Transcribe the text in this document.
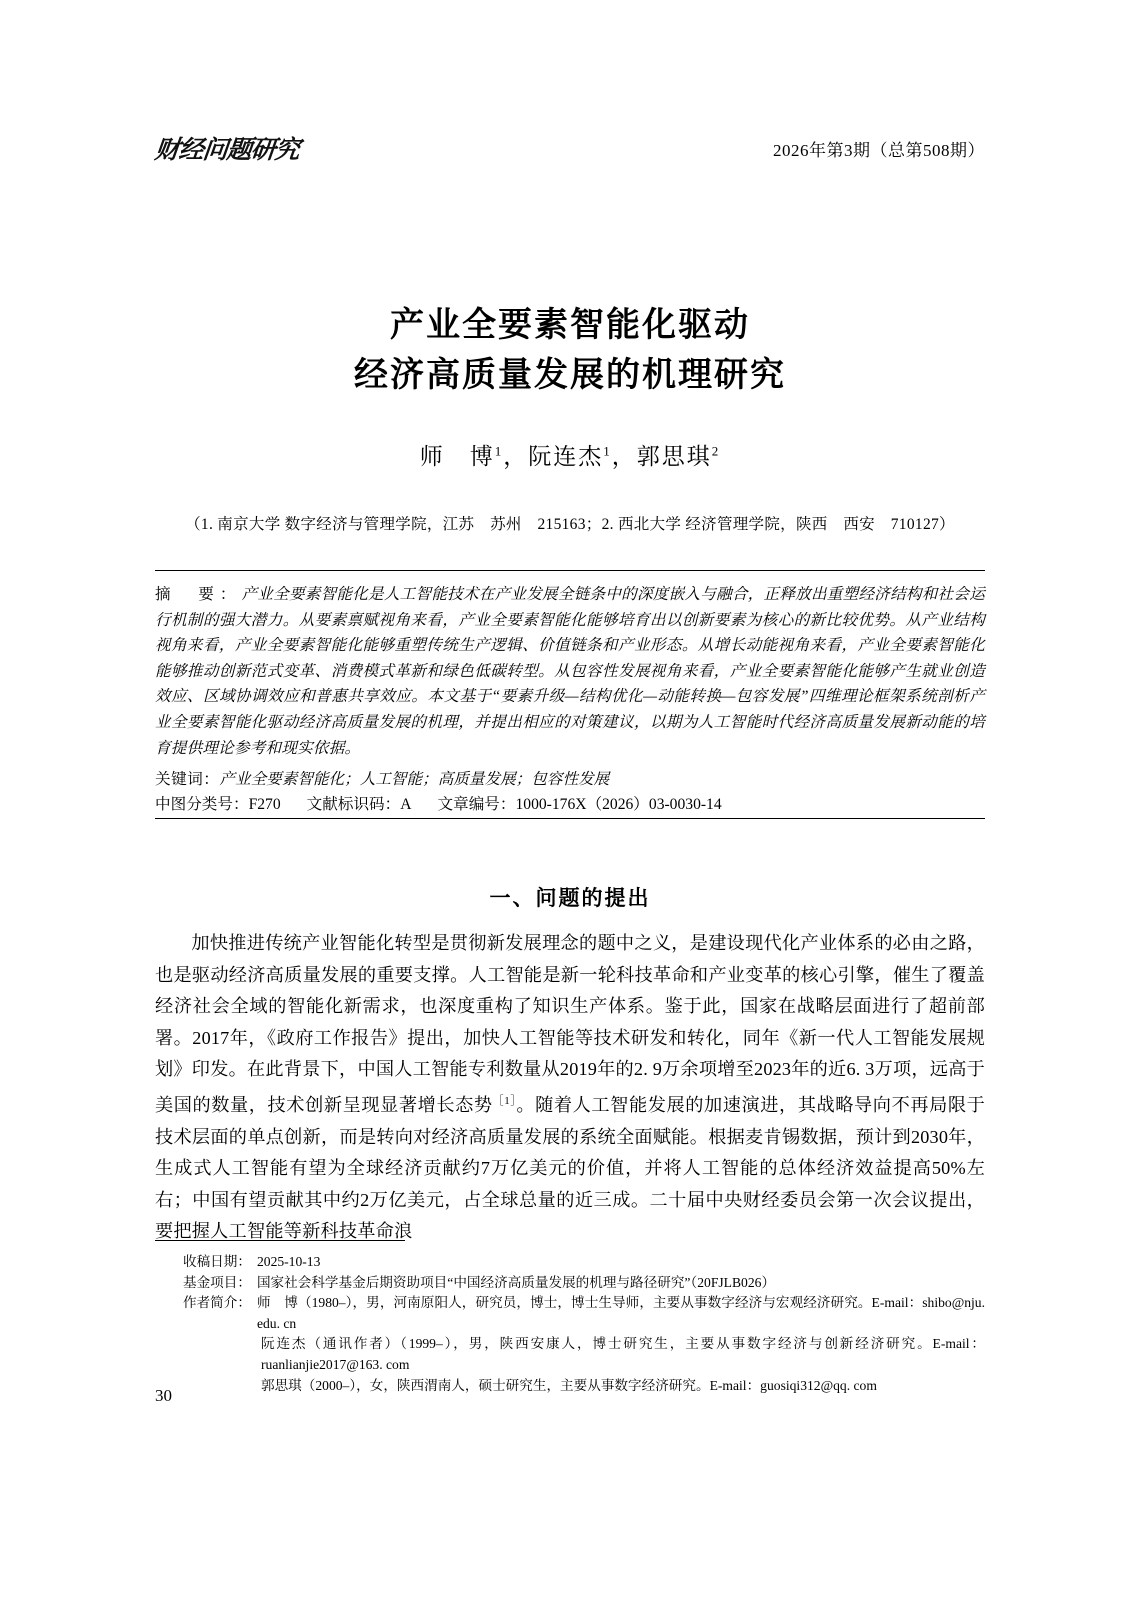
财经问题研究	2026年第3期（总第508期）
产业全要素智能化驱动
经济高质量发展的机理研究
师　博$^1$，阮连杰$^1$，郭思琪$^2$
（1. 南京大学 数字经济与管理学院，江苏　苏州　215163；2. 西北大学 经济管理学院，陕西　西安　710127）
摘　要：产业全要素智能化是人工智能技术在产业发展全链条中的深度嵌入与融合，正释放出重塑经济结构和社会运行机制的强大潜力。从要素禀赋视角来看，产业全要素智能化能够培育出以创新要素为核心的新比较优势。从产业结构视角来看，产业全要素智能化能够重塑传统生产逻辑、价值链条和产业形态。从增长动能视角来看，产业全要素智能化能够推动创新范式变革、消费模式革新和绿色低碳转型。从包容性发展视角来看，产业全要素智能化能够产生就业创造效应、区域协调效应和普惠共享效应。本文基于“要素升级—结构优化—动能转换—包容发展”四维理论框架系统剖析产业全要素智能化驱动经济高质量发展的机理，并提出相应的对策建议，以期为人工智能时代经济高质量发展新动能的培育提供理论参考和现实依据。
关键词：产业全要素智能化；人工智能；高质量发展；包容性发展
中图分类号：F270 文献标识码：A 文章编号：1000-176X（2026）03-0030-14
一、问题的提出
加快推进传统产业智能化转型是贯彻新发展理念的题中之义，是建设现代化产业体系的必由之路，也是驱动经济高质量发展的重要支撑。人工智能是新一轮科技革命和产业变革的核心引擎，催生了覆盖经济社会全域的智能化新需求，也深度重构了知识生产体系。鉴于此，国家在战略层面进行了超前部署。2017年，《政府工作报告》提出，加快人工智能等技术研发和转化，同年《新一代人工智能发展规划》印发。在此背景下，中国人工智能专利数量从2019年的2. 9万余项增至2023年的近6. 3万项，远高于美国的数量，技术创新呈现显著增长态势$^{[1]}$。随着人工智能发展的加速演进，其战略导向不再局限于技术层面的单点创新，而是转向对经济高质量发展的系统全面赋能。根据麦肯锡数据，预计到2030年，生成式人工智能有望为全球经济贡献约7万亿美元的价值，并将人工智能的总体经济效益提高50%左右；中国有望贡献其中约2万亿美元，占全球总量的近三成。二十届中央财经委员会第一次会议提出，要把握人工智能等新科技革命浪
收稿日期： 2025-10-13
基金项目： 国家社会科学基金后期资助项目“中国经济高质量发展的机理与路径研究”（20FJLB026）
作者简介： 师　博（1980–），男，河南原阳人，研究员，博士，博士生导师，主要从事数字经济与宏观经济研究。E-mail：shibo@nju. edu. cn
阮连杰（通讯作者）（1999–），男，陕西安康人，博士研究生，主要从事数字经济与创新经济研究。E-mail：ruanlianjie2017@163. com
郭思琪（2000–），女，陕西渭南人，硕士研究生，主要从事数字经济研究。E-mail：guosiqi312@qq. com
30
